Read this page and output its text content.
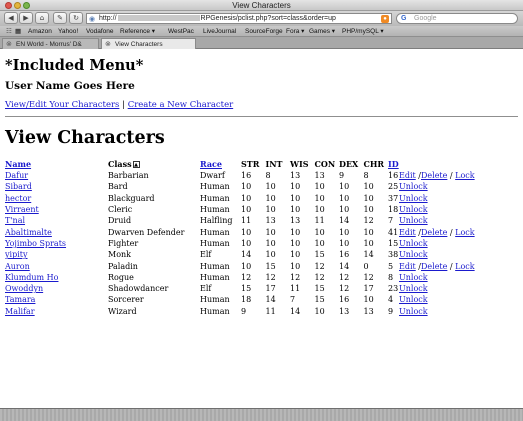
View Characters
◀	▶	⌂	✎	↻	◉ http://	RPGenesis/pclist.php?sort=class&order=up	●	G Google
☷ ▦ Amazon Yahoo! Vodafone Reference ▾ WestPac LiveJournal SourceForge Fora ▾ Games ▾ PHP/mySQL ▾
⊗ EN World - Morrus' D&	⊗ View Characters
*Included Menu*
User Name Goes Here
View/Edit Your Characters | Create a New Character
View Characters
Name	Class ▲	Race	STR	INT	WIS	CON	DEX	CHR	ID	
Dafur	Barbarian	Dwarf	16	8	13	13	9	8	16	Edit /Delete / Lock
Sibard	Bard	Human	10	10	10	10	10	10	25	Unlock
hector	Blackguard	Human	10	10	10	10	10	10	37	Unlock
Virraent	Cleric	Human	10	10	10	10	10	10	18	Unlock
T'nal	Druid	Halfling	11	13	13	11	14	12	7	Unlock
Abaltimalte	Dwarven Defender	Human	10	10	10	10	10	10	41	Edit /Delete / Lock
Yojimbo Sprats	Fighter	Human	10	10	10	10	10	10	15	Unlock
yipity	Monk	Elf	14	10	10	15	16	14	38	Unlock
Auron	Paladin	Human	10	15	10	12	14	0	5	Edit /Delete / Lock
Klumdum Ho	Rogue	Human	12	12	12	12	12	12	8	Unlock
Owoddyn	Shadowdancer	Elf	15	17	11	15	12	17	23	Unlock
Tamara	Sorcerer	Human	18	14	7	15	16	10	4	Unlock
Malifar	Wizard	Human	9	11	14	10	13	13	9	Unlock
